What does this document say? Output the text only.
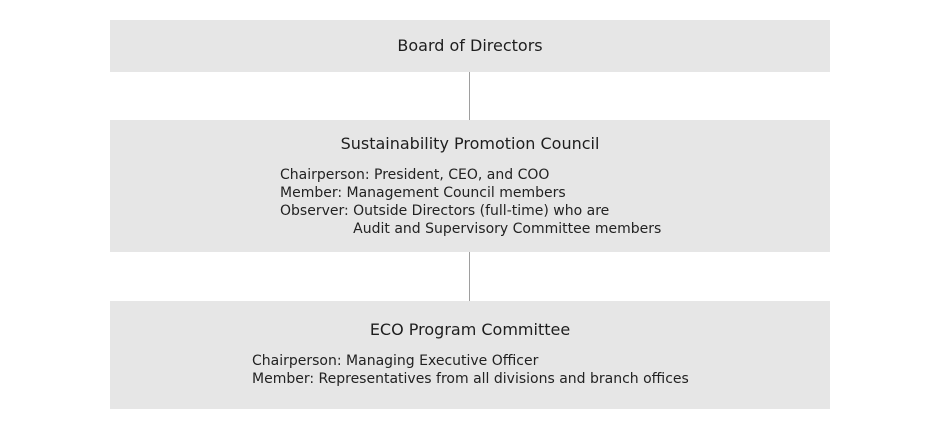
Board of Directors
Sustainability Promotion Council
Chairperson: President, CEO, and COO
Member: Management Council members
Observer: Outside Directors (full-time) who are
Audit and Supervisory Committee members
ECO Program Committee
Chairperson: Managing Executive Officer
Member: Representatives from all divisions and branch offices
